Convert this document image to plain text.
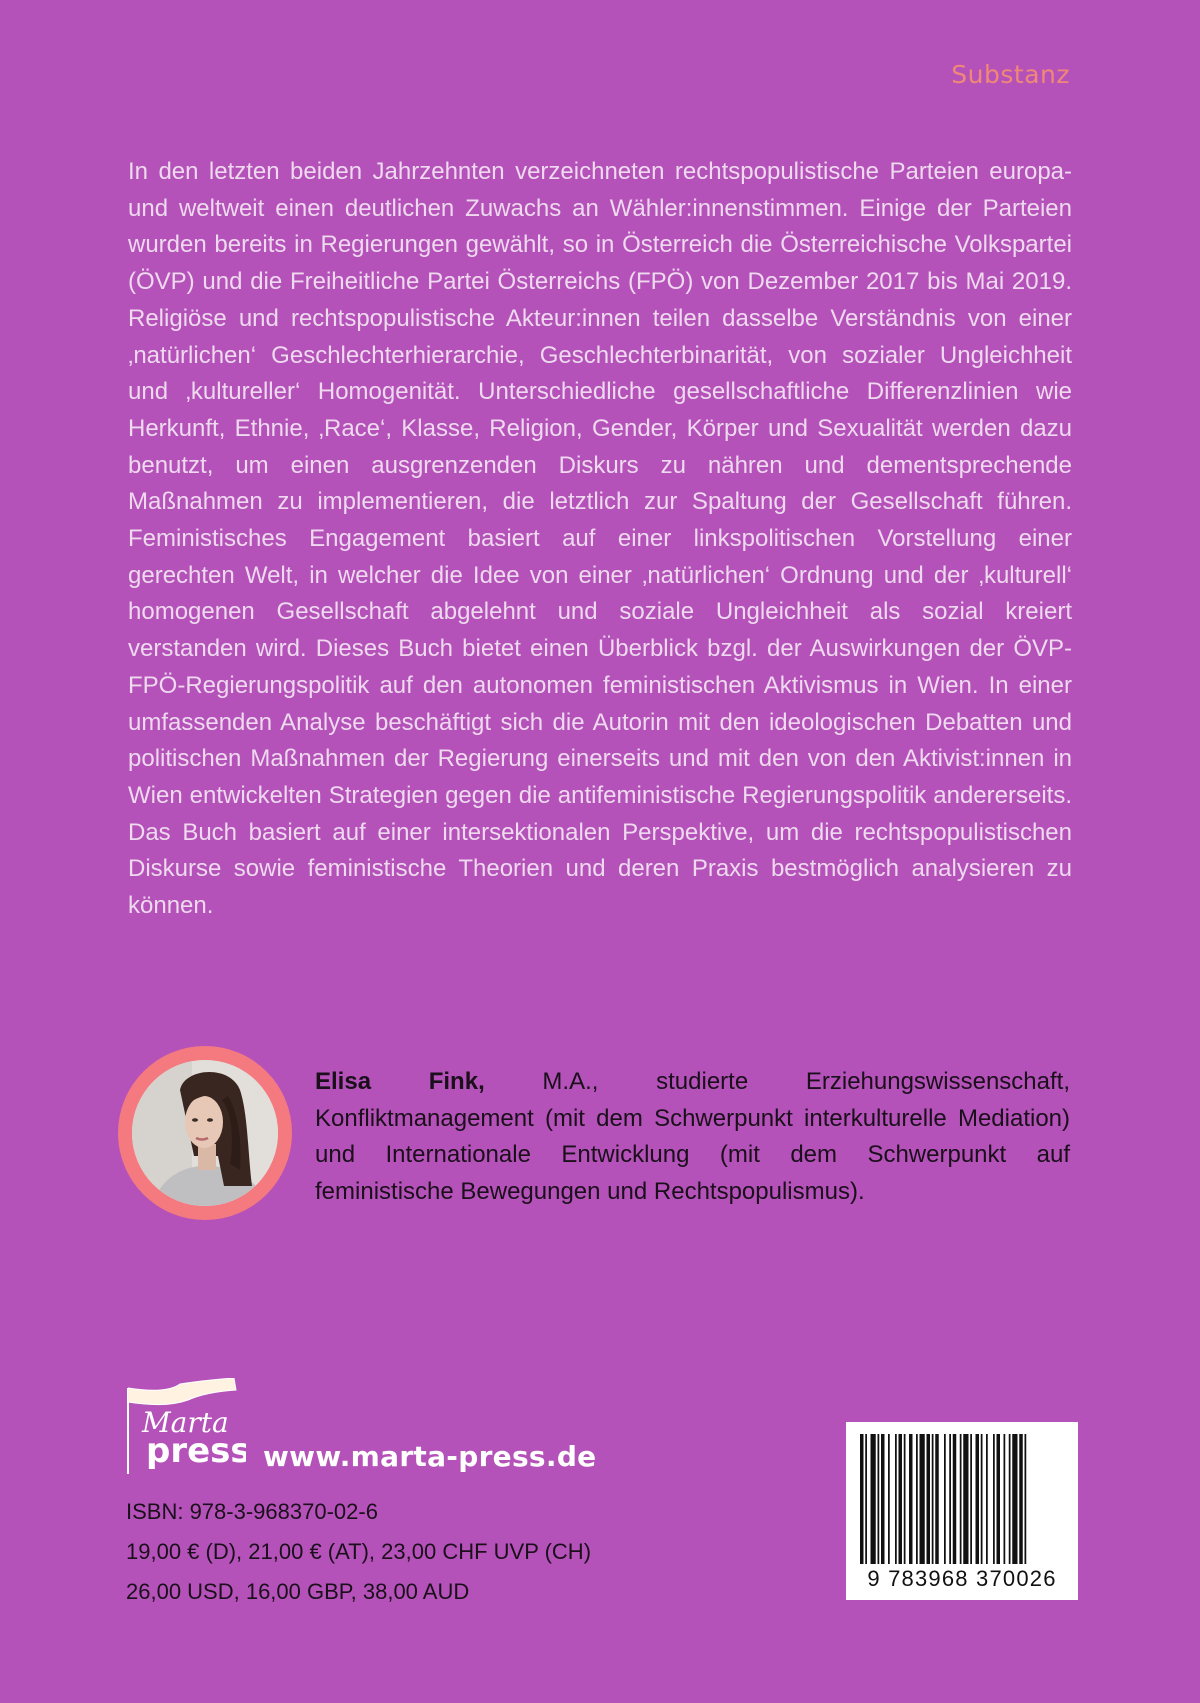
Substanz

In den letzten beiden Jahrzehnten verzeichneten rechtspopulistische Parteien europa- und weltweit einen deutlichen Zuwachs an Wähler:innenstimmen. Einige der Parteien wurden bereits in Regierungen gewählt, so in Österreich die Österreichische Volkspartei (ÖVP) und die Freiheitliche Partei Österreichs (FPÖ) von Dezember 2017 bis Mai 2019. Religiöse und rechtspopulistische Akteur:innen teilen dasselbe Verständnis von einer ‚natürlichen‘ Geschlechterhierarchie, Geschlechterbinarität, von sozialer Ungleichheit und ‚kultureller‘ Homogenität. Unterschiedliche gesellschaftliche Differenzlinien wie Herkunft, Ethnie, ‚Race‘, Klasse, Religion, Gender, Körper und Sexualität werden dazu benutzt, um einen ausgrenzenden Diskurs zu nähren und dementsprechende Maßnahmen zu implementieren, die letztlich zur Spaltung der Gesellschaft führen. Feministisches Engagement basiert auf einer linkspolitischen Vorstellung einer gerechten Welt, in welcher die Idee von einer ‚natürlichen‘ Ordnung und der ‚kulturell‘ homogenen Gesellschaft abgelehnt und soziale Ungleichheit als sozial kreiert verstanden wird. Dieses Buch bietet einen Überblick bzgl. der Auswirkungen der ÖVP-FPÖ-Regierungspolitik auf den autonomen feministischen Aktivismus in Wien. In einer umfassenden Analyse beschäftigt sich die Autorin mit den ideologischen Debatten und politischen Maßnahmen der Regierung einerseits und mit den von den Aktivist:innen in Wien entwickelten Strategien gegen die antifeministische Regierungspolitik andererseits. Das Buch basiert auf einer intersektionalen Perspektive, um die rechtspopulistischen Diskurse sowie feministische Theorien und deren Praxis bestmöglich analysieren zu können.

Elisa Fink, M.A., studierte Erziehungswissenschaft, Konfliktmanagement (mit dem Schwerpunkt interkulturelle Mediation) und Internationale Entwicklung (mit dem Schwerpunkt auf feministische Bewegungen und Rechtspopulismus).

Marta
press www.marta-press.de
ISBN: 978-3-968370-02-6
19,00 € (D), 21,00 € (AT), 23,00 CHF UVP (CH)
26,00 USD, 16,00 GBP, 38,00 AUD
9 783968 370026
